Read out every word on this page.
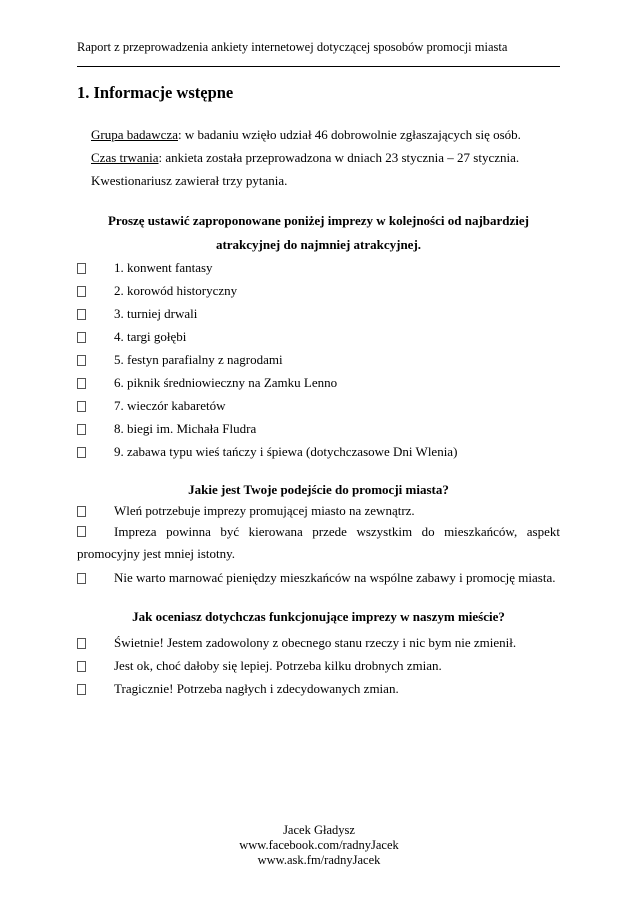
Raport z przeprowadzenia ankiety internetowej dotyczącej sposobów promocji miasta
1. Informacje wstępne
Grupa badawcza: w badaniu wzięło udział 46 dobrowolnie zgłaszających się osób.
Czas trwania: ankieta została przeprowadzona w dniach 23 stycznia – 27 stycznia.
Kwestionariusz zawierał trzy pytania.
Proszę ustawić zaproponowane poniżej imprezy w kolejności od najbardziej
atrakcyjnej do najmniej atrakcyjnej.
1. konwent fantasy
2. korowód historyczny
3. turniej drwali
4. targi gołębi
5. festyn parafialny z nagrodami
6. piknik średniowieczny na Zamku Lenno
7. wieczór kabaretów
8. biegi im. Michała Fludra
9. zabawa typu wieś tańczy i śpiewa (dotychczasowe Dni Wlenia)
Jakie jest Twoje podejście do promocji miasta?
Wleń potrzebuje imprezy promującej miasto na zewnątrz.
Impreza powinna być kierowana przede wszystkim do mieszkańców, aspekt
promocyjny jest mniej istotny.
Nie warto marnować pieniędzy mieszkańców na wspólne zabawy i promocję miasta.
Jak oceniasz dotychczas funkcjonujące imprezy w naszym mieście?
Świetnie! Jestem zadowolony z obecnego stanu rzeczy i nic bym nie zmienił.
Jest ok, choć dałoby się lepiej. Potrzeba kilku drobnych zmian.
Tragicznie! Potrzeba nagłych i zdecydowanych zmian.
Jacek Gładysz
www.facebook.com/radnyJacek
www.ask.fm/radnyJacek
